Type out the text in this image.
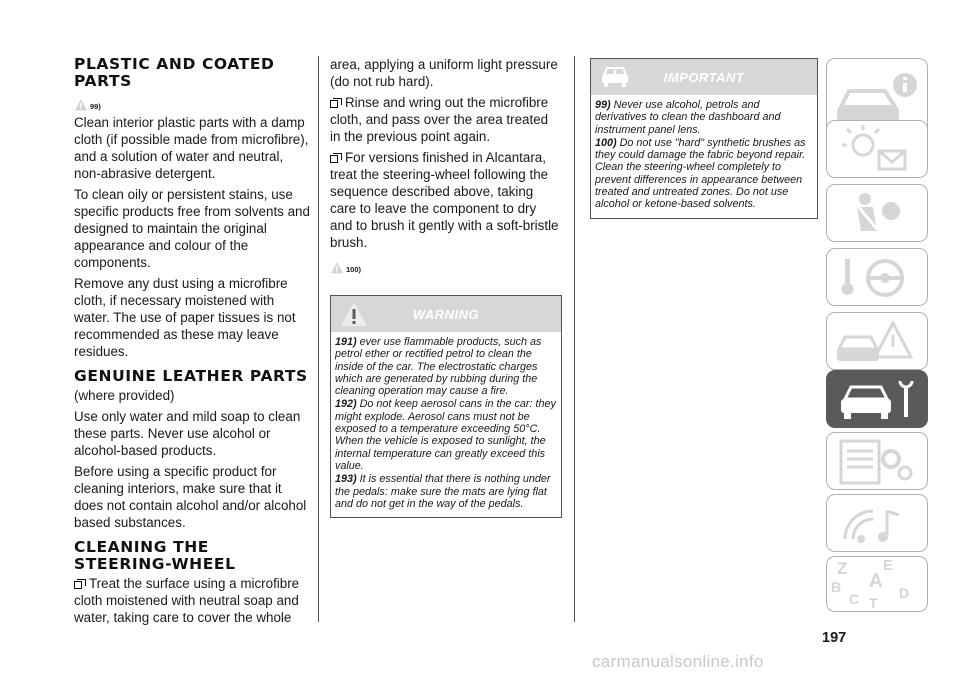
PLASTIC AND COATED PARTS
99)

Clean interior plastic parts with a damp cloth (if possible made from microfibre), and a solution of water and neutral, non-abrasive detergent.

To clean oily or persistent stains, use specific products free from solvents and designed to maintain the original appearance and colour of the components.

Remove any dust using a microfibre cloth, if necessary moistened with water. The use of paper tissues is not recommended as these may leave residues.

GENUINE LEATHER PARTS

(where provided)

Use only water and mild soap to clean these parts. Never use alcohol or alcohol-based products.

Before using a specific product for cleaning interiors, make sure that it does not contain alcohol and/or alcohol based substances.

CLEANING THE STEERING-WHEEL

Treat the surface using a microfibre cloth moistened with neutral soap and water, taking care to cover the whole

area, applying a uniform light pressure (do not rub hard).

Rinse and wring out the microfibre cloth, and pass over the area treated in the previous point again.

For versions finished in Alcantara, treat the steering-wheel following the sequence described above, taking care to leave the component to dry and to brush it gently with a soft-bristle brush.

100)
WARNING
191) ever use flammable products, such as petrol ether or rectified petrol to clean the inside of the car. The electrostatic charges which are generated by rubbing during the cleaning operation may cause a fire.
192) Do not keep aerosol cans in the car: they might explode. Aerosol cans must not be exposed to a temperature exceeding 50°C. When the vehicle is exposed to sunlight, the internal temperature can greatly exceed this value.
193) It is essential that there is nothing under the pedals: make sure the mats are lying flat and do not get in the way of the pedals.
IMPORTANT
99) Never use alcohol, petrols and derivatives to clean the dashboard and instrument panel lens.
100) Do not use "hard" synthetic brushes as they could damage the fabric beyond repair. Clean the steering-wheel completely to prevent differences in appearance between treated and untreated zones. Do not use alcohol or ketone-based solvents.
Z E
A
B
C	D
T
197
carmanualsonline.info
